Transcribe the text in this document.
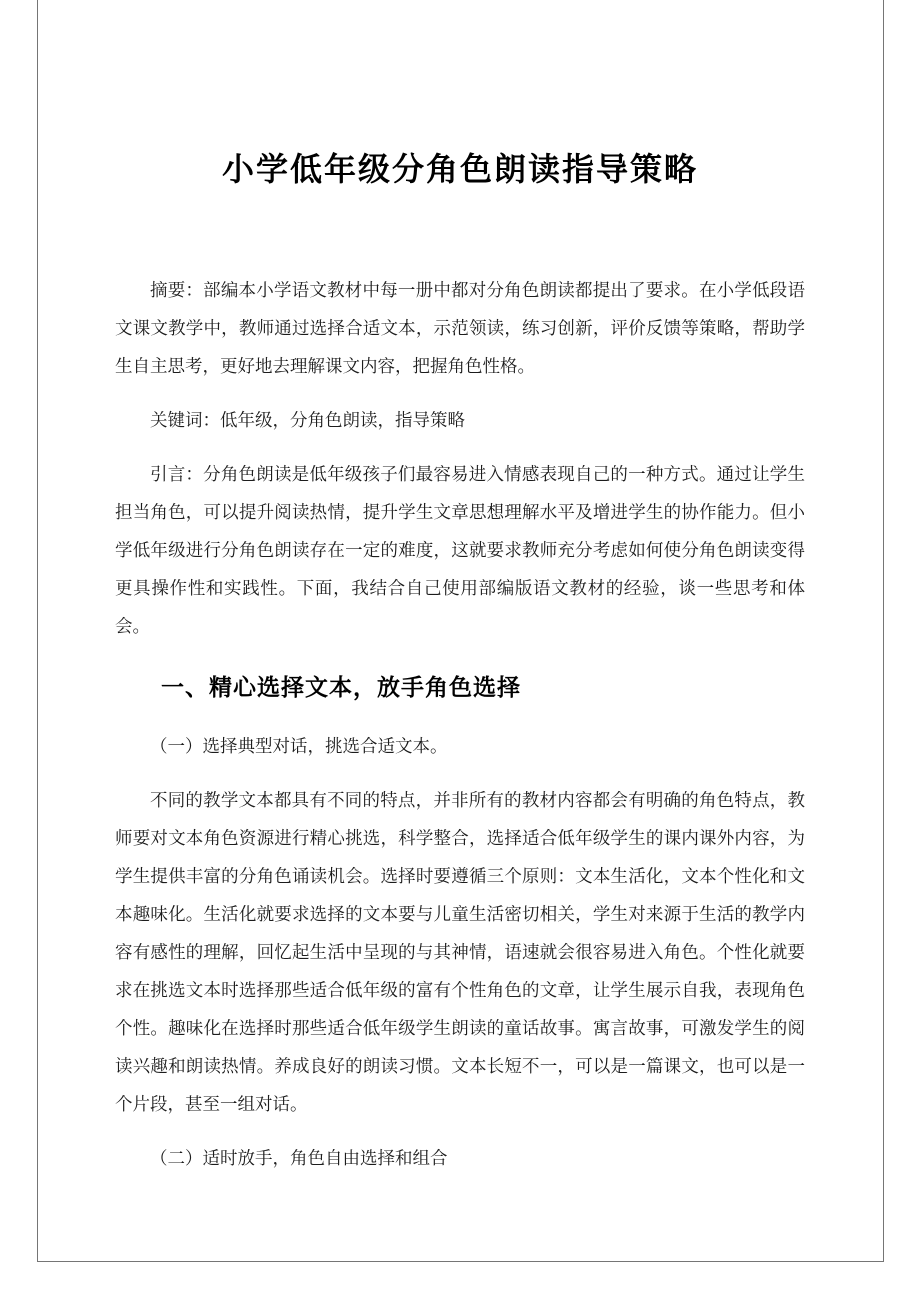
小学低年级分角色朗读指导策略

摘要：部编本小学语文教材中每一册中都对分角色朗读都提出了要求。在小学低段语文课文教学中，教师通过选择合适文本，示范领读，练习创新，评价反馈等策略，帮助学生自主思考，更好地去理解课文内容，把握角色性格。

关键词：低年级，分角色朗读，指导策略

引言：分角色朗读是低年级孩子们最容易进入情感表现自己的一种方式。通过让学生担当角色，可以提升阅读热情，提升学生文章思想理解水平及增进学生的协作能力。但小学低年级进行分角色朗读存在一定的难度，这就要求教师充分考虑如何使分角色朗读变得更具操作性和实践性。下面，我结合自己使用部编版语文教材的经验，谈一些思考和体会。

一、精心选择文本，放手角色选择

（一）选择典型对话，挑选合适文本。

不同的教学文本都具有不同的特点，并非所有的教材内容都会有明确的角色特点，教师要对文本角色资源进行精心挑选，科学整合，选择适合低年级学生的课内课外内容，为学生提供丰富的分角色诵读机会。选择时要遵循三个原则：文本生活化，文本个性化和文本趣味化。生活化就要求选择的文本要与儿童生活密切相关，学生对来源于生活的教学内容有感性的理解，回忆起生活中呈现的与其神情，语速就会很容易进入角色。个性化就要求在挑选文本时选择那些适合低年级的富有个性角色的文章，让学生展示自我，表现角色个性。趣味化在选择时那些适合低年级学生朗读的童话故事。寓言故事，可激发学生的阅读兴趣和朗读热情。养成良好的朗读习惯。文本长短不一，可以是一篇课文，也可以是一个片段，甚至一组对话。

（二）适时放手，角色自由选择和组合
